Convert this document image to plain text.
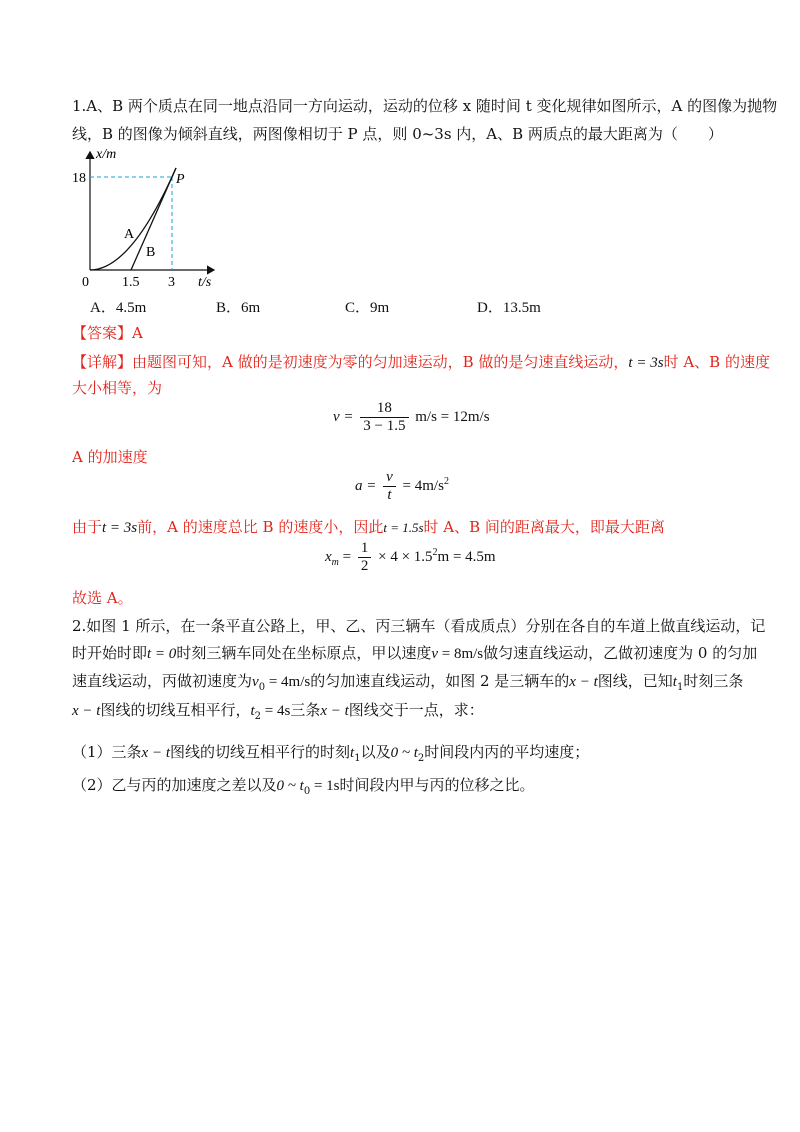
1.A、B 两个质点在同一地点沿同一方向运动，运动的位移 x 随时间 t 变化规律如图所示，A 的图像为抛物
线，B 的图像为倾斜直线，两图像相切于 P 点，则 0~3s 内，A、B 两质点的最大距离为（　　）
x/m
18
0 1.5 3 t/s
P
A
B
A．4.5m	B．6m	C．9m	D．13.5m
【答案】A
【详解】由题图可知，A 做的是初速度为零的匀加速运动，B 做的是匀速直线运动，t = 3s时 A、B 的速度
大小相等，为
$v = \frac{18}{3 - 1.5} m/s = 12m/s$
A 的加速度
$a = \frac{v}{t} = 4m/s^2$
由于t = 3s前，A 的速度总比 B 的速度小，因此t = 1.5s时 A、B 间的距离最大，即最大距离
$x_m = \frac{1}{2} \times 4 \times 1.5^2m = 4.5m$
故选 A。
2.如图 1 所示，在一条平直公路上，甲、乙、丙三辆车（看成质点）分别在各自的车道上做直线运动，记
时开始时即t = 0时刻三辆车同处在坐标原点，甲以速度v = 8m/s做匀速直线运动，乙做初速度为 0 的匀加
速直线运动，丙做初速度为$v_0 = 4m/s$的匀加速直线运动，如图 2 是三辆车的x − t图线，已知$t_1$时刻三条
x − t图线的切线互相平行，$t_2 = 4s$三条x − t图线交于一点，求：
（1）三条x − t图线的切线互相平行的时刻$t_1$以及0 ~ $t_2$时间段内丙的平均速度；
（2）乙与丙的加速度之差以及0 ~ $t_0 = 1s$时间段内甲与丙的位移之比。
